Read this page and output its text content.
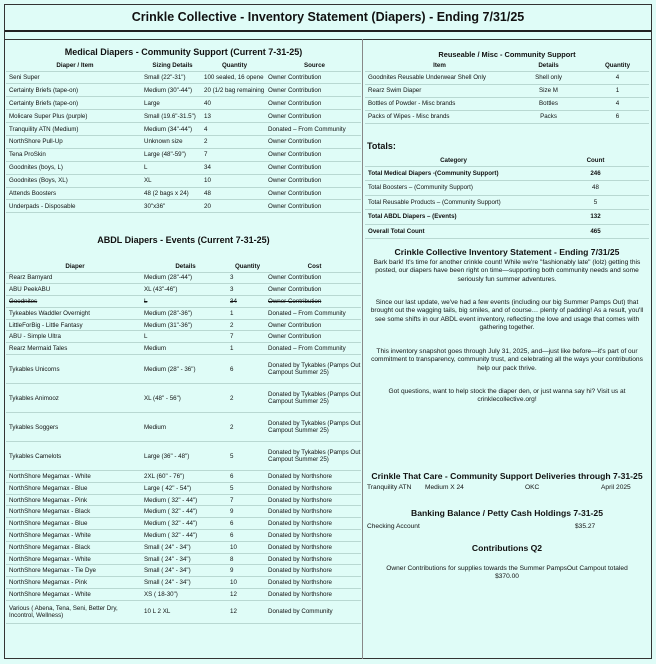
Crinkle Collective - Inventory Statement (Diapers) - Ending 7/31/25
Medical Diapers - Community Support (Current 7-31-25)
Diaper / Item	Sizing Details	Quantity	Source
Seni Super	Small (22"-31")	100 sealed, 16 opene	Owner Contribution
Certainty Briefs (tape-on)	Medium (30"-44")	20 (1/2 bag remaining	Owner Contribution
Certainty Briefs (tape-on)	Large	40	Owner Contribution
Molicare Super Plus (purple)	Small (19.6"-31.5")	13	Owner Contribution
Tranquility ATN (Medium)	Medium (34"-44")	4	Donated – From Community
NorthShore Pull-Up	Unknown size	2	Owner Contribution
Tena ProSkin	Large (48"-59")	7	Owner Contribution
Goodnites (boys, L)	L	34	Owner Contribution
Goodnites (Boys, XL)	XL	10	Owner Contribution
Attends Boosters	48 (2 bags x 24)	48	Owner Contribution
Underpads - Disposable	30"x36"	20	Owner Contribution
ABDL Diapers - Events (Current 7-31-25)
Diaper	Details	Quantity	Cost
Rearz Barnyard	Medium (28"-44")	3	Owner Contribution
ABU PeekABU	XL (43"-46")	3	Owner Contribution
Goodnites	L	34	Owner Contribution
Tykeables Waddler Overnight	Medium (28"-36")	1	Donated – From Community
LittleForBig - Little Fantasy	Medium (31"-36")	2	Owner Contribution
ABU - Simple Ultra	L	7	Owner Contribution
Rearz Mermaid Tales	Medium	1	Donated – From Community
Tykables Unicorns	Medium (28" - 36")	6	Donated by Tykables (Pamps Out Campout Summer 25)
Tykables Animooz	XL (48" - 56")	2	Donated by Tykables (Pamps Out Campout Summer 25)
Tykables Soggers	Medium	2	Donated by Tykables (Pamps Out Campout Summer 25)
Tykables Camelots	Large (36" - 48")	5	Donated by Tykables (Pamps Out Campout Summer 25)
NorthShore Megamax - White	2XL (60" - 76")	6	Donated by Northshore
NorthShore Megamax - Blue	Large ( 42" - 54")	5	Donated by Northshore
NorthShore Megamax - Pink	Medium ( 32" - 44")	7	Donated by Northshore
NorthShore Megamax - Black	Medium ( 32" - 44")	9	Donated by Northshore
NorthShore Megamax - Blue	Medium ( 32" - 44")	6	Donated by Northshore
NorthShore Megamax - White	Medium ( 32" - 44")	6	Donated by Northshore
NorthShore Megamax - Black	Small ( 24" - 34")	10	Donated by Northshore
NorthShore Megamax - White	Small ( 24" - 34")	8	Donated by Northshore
NorthShore Megamax - Tie Dye	Small ( 24" - 34")	9	Donated by Northshore
NorthShore Megamax - Pink	Small ( 24" - 34")	10	Donated by Northshore
NorthShore Megamax - White	XS ( 18-30")	12	Donated by Northshore
Various ( Abena, Tena, Seni, Better Dry, Incontrol, Wellness)	10 L 2 XL	12	Donated by Community
Reuseable / Misc - Community Support
Item	Details	Quantity
Goodnites Reusable Underwear Shell Only	Shell only	4
Rearz Swim Diaper	Size M	1
Bottles of Powder - Misc brands	Bottles	4
Packs of Wipes - Misc brands	Packs	6
Totals:
Category	Count
Total Medical Diapers -(Community Support)	246
Total Boosters – (Community Support)	48
Total Reusable Products – (Community Support)	5
Total ABDL Diapers – (Events)	132
Overall Total Count	465
Crinkle Collective Inventory Statement - Ending 7/31/25
Bark bark! It's time for another crinkle count! While we're "fashionably late" (lolz) getting this posted, our diapers have been right on time—supporting both community needs and some seriously fun summer adventures.
Since our last update, we've had a few events (including our big Summer Pamps Out) that brought out the wagging tails, big smiles, and of course… plenty of padding! As a result, you'll see some shifts in our ABDL event inventory, reflecting the love and usage that comes with gathering together.
This inventory snapshot goes through July 31, 2025, and—just like before—it's part of our commitment to transparency, community trust, and celebrating all the ways your contributions help our pack thrive.
Got questions, want to help stock the diaper den, or just wanna say hi? Visit us at crinklecollective.org!
Crinkle That Care - Community Support Deliveries through 7-31-25
Tranquility ATN Medium X 24	OKC	April 2025
Banking Balance / Petty Cash Holdings 7-31-25
Checking Account	$35.27
Contributions Q2
Owner Contributions for supplies towards the Summer PampsOut Campout totaled $370.00
